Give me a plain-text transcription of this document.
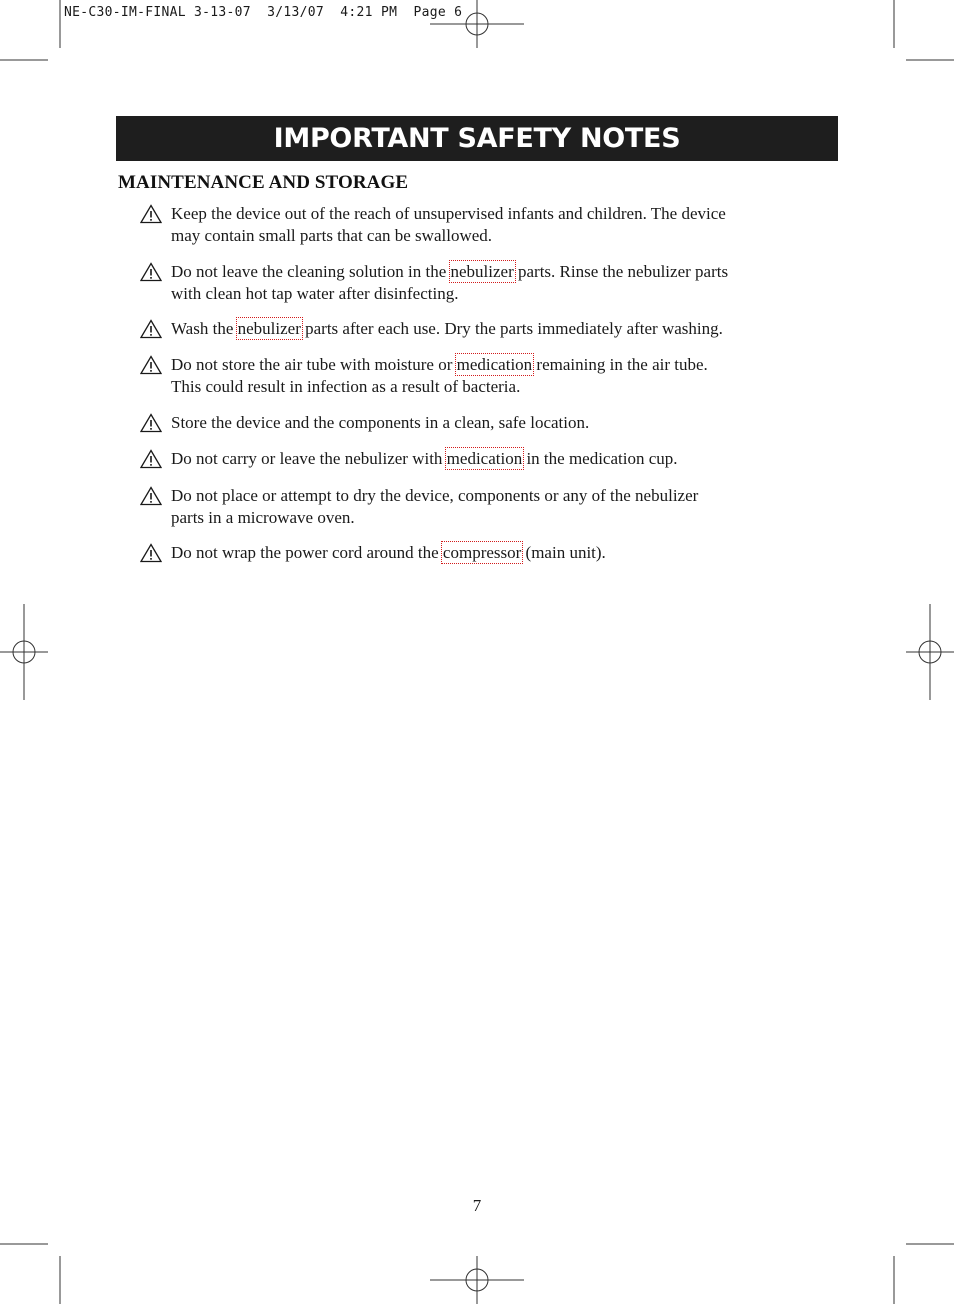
NE-C30-IM-FINAL 3-13-07  3/13/07  4:21 PM  Page 6
IMPORTANT SAFETY NOTES
MAINTENANCE AND STORAGE
Keep the device out of the reach of unsupervised infants and children. The device
may contain small parts that can be swallowed.
Do not leave the cleaning solution in the nebulizer parts. Rinse the nebulizer parts
with clean hot tap water after disinfecting.
Wash the nebulizer parts after each use. Dry the parts immediately after washing.
Do not store the air tube with moisture or medication remaining in the air tube.
This could result in infection as a result of bacteria.
Store the device and the components in a clean, safe location.
Do not carry or leave the nebulizer with medication in the medication cup.
Do not place or attempt to dry the device, components or any of the nebulizer
parts in a microwave oven.
Do not wrap the power cord around the compressor (main unit).
7
